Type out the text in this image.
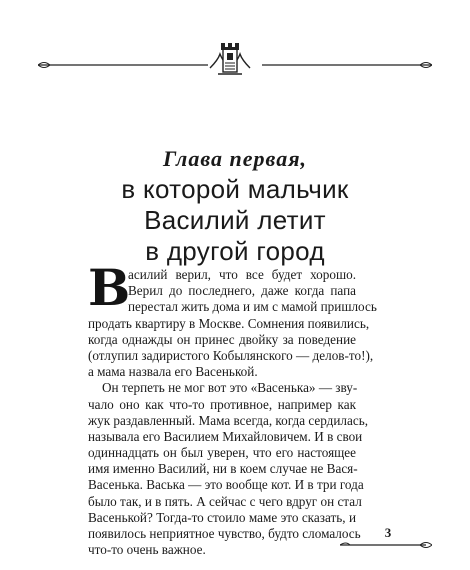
Глава первая,
в которой мальчик
Василий летит
в другой город
асилий верил, что все будет хорошо.
Верил до последнего, даже когда папа
перестал жить дома и им с мамой пришлось
продать квартиру в Москве. Сомнения появились,
когда однажды он принес двойку за поведение
(отлупил задиристого Кобылянского — делов-то!),
а мама назвала его Васенькой.
Он терпеть не мог вот это «Васенька» — зву-
чало оно как что-то противное, например как
жук раздавленный. Мама всегда, когда сердилась,
называла его Василием Михайловичем. И в свои
одиннадцать он был уверен, что его настоящее
имя именно Василий, ни в коем случае не Вася-
Васенька. Васька — это вообще кот. И в три года
было так, и в пять. А сейчас с чего вдруг он стал
Васенькой? Тогда-то стоило маме это сказать, и
появилось неприятное чувство, будто сломалось
что-то очень важное.
В
3
